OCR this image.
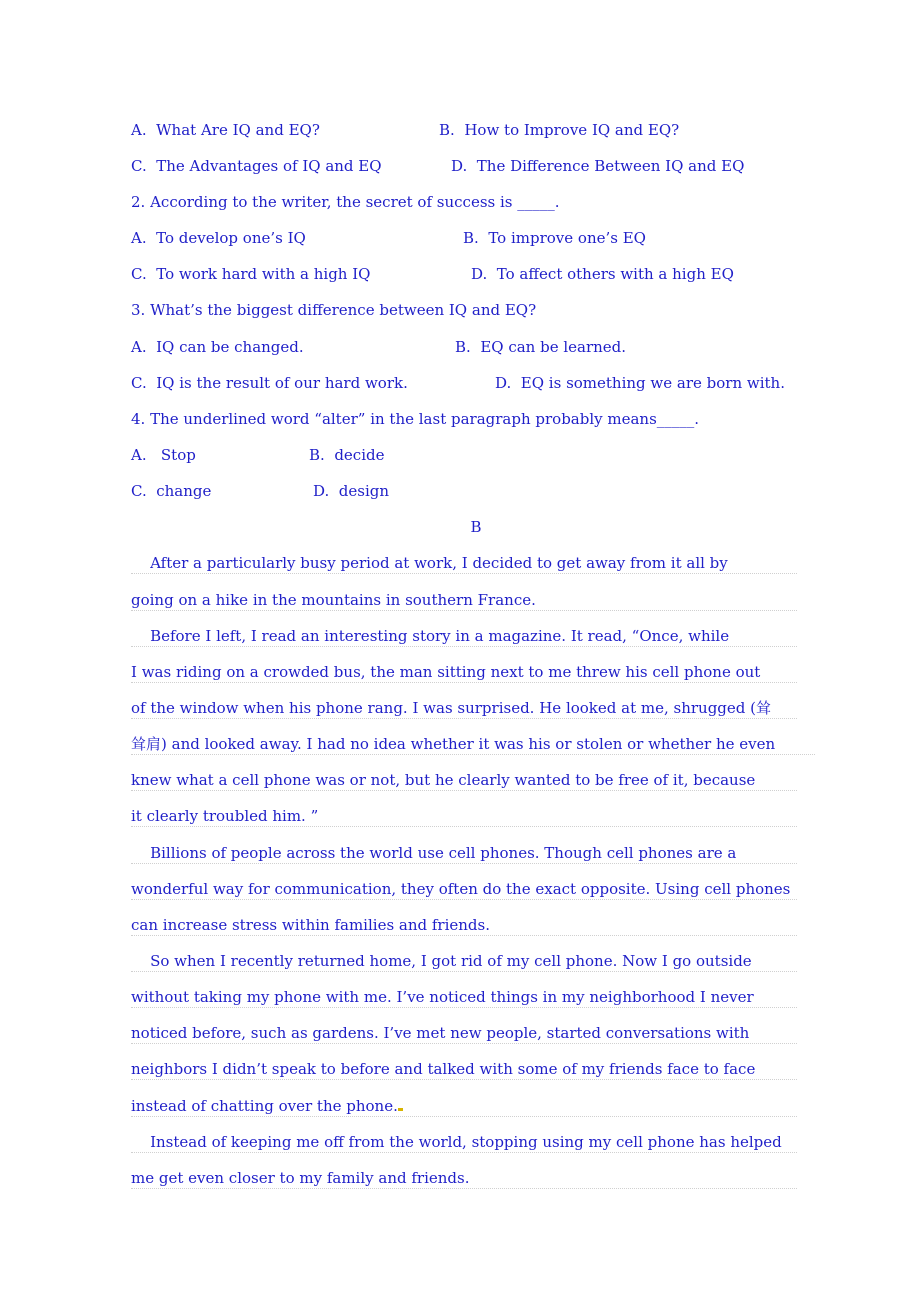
A.  What Are IQ and EQ?	B.  How to Improve IQ and EQ?
C.  The Advantages of IQ and EQ	D.  The Difference Between IQ and EQ
2. According to the writer, the secret of success is _____.
A.  To develop one’s IQ	B.  To improve one’s EQ
C.  To work hard with a high IQ	D.  To affect others with a high EQ
3. What’s the biggest difference between IQ and EQ?
A.  IQ can be changed.	B.  EQ can be learned.
C.  IQ is the result of our hard work.	D.  EQ is something we are born with.
4. The underlined word “alter” in the last paragraph probably means_____.
A.   Stop	B.  decide
C.  change	D.  design
B
After a particularly busy period at work, I decided to get away from it all by
going on a hike in the mountains in southern France.
Before I left, I read an interesting story in a magazine. It read, “Once, while
I was riding on a crowded bus, the man sitting next to me threw his cell phone out
of the window when his phone rang. I was surprised. He looked at me, shrugged (耸
耸肩) and looked away. I had no idea whether it was his or stolen or whether he even
knew what a cell phone was or not, but he clearly wanted to be free of it, because
it clearly troubled him. ”
Billions of people across the world use cell phones. Though cell phones are a
wonderful way for communication, they often do the exact opposite. Using cell phones
can increase stress within families and friends.
So when I recently returned home, I got rid of my cell phone. Now I go outside
without taking my phone with me. I’ve noticed things in my neighborhood I never
noticed before, such as gardens. I’ve met new people, started conversations with
neighbors I didn’t speak to before and talked with some of my friends face to face
instead of chatting over the phone.
Instead of keeping me off from the world, stopping using my cell phone has helped
me get even closer to my family and friends.
